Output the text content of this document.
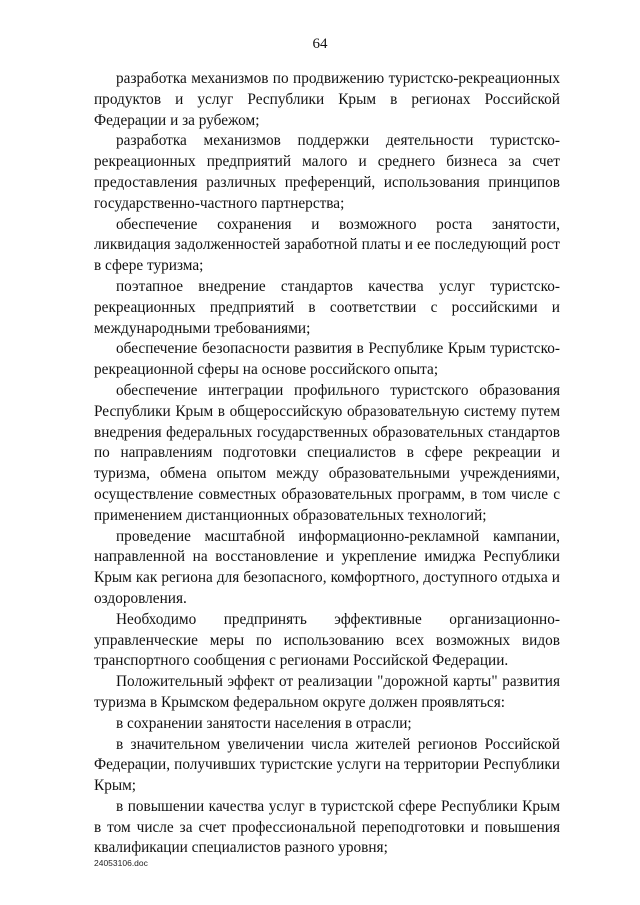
64

разработка механизмов по продвижению туристско-рекреационных продуктов и услуг Республики Крым в регионах Российской Федерации и за рубежом;

разработка механизмов поддержки деятельности туристско-рекреационных предприятий малого и среднего бизнеса за счет предоставления различных преференций, использования принципов государственно-частного партнерства;

обеспечение сохранения и возможного роста занятости, ликвидация задолженностей заработной платы и ее последующий рост в сфере туризма;

поэтапное внедрение стандартов качества услуг туристско-рекреационных предприятий в соответствии с российскими и международными требованиями;

обеспечение безопасности развития в Республике Крым туристско-рекреационной сферы на основе российского опыта;

обеспечение интеграции профильного туристского образования Республики Крым в общероссийскую образовательную систему путем внедрения федеральных государственных образовательных стандартов по направлениям подготовки специалистов в сфере рекреации и туризма, обмена опытом между образовательными учреждениями, осуществление совместных образовательных программ, в том числе с применением дистанционных образовательных технологий;

проведение масштабной информационно-рекламной кампании, направленной на восстановление и укрепление имиджа Республики Крым как региона для безопасного, комфортного, доступного отдыха и оздоровления.

Необходимо предпринять эффективные организационно-управленческие меры по использованию всех возможных видов транспортного сообщения с регионами Российской Федерации.

Положительный эффект от реализации "дорожной карты" развития туризма в Крымском федеральном округе должен проявляться:

в сохранении занятости населения в отрасли;

в значительном увеличении числа жителей регионов Российской Федерации, получивших туристские услуги на территории Республики Крым;

в повышении качества услуг в туристской сфере Республики Крым в том числе за счет профессиональной переподготовки и повышения квалификации специалистов разного уровня;

24053106.doc
